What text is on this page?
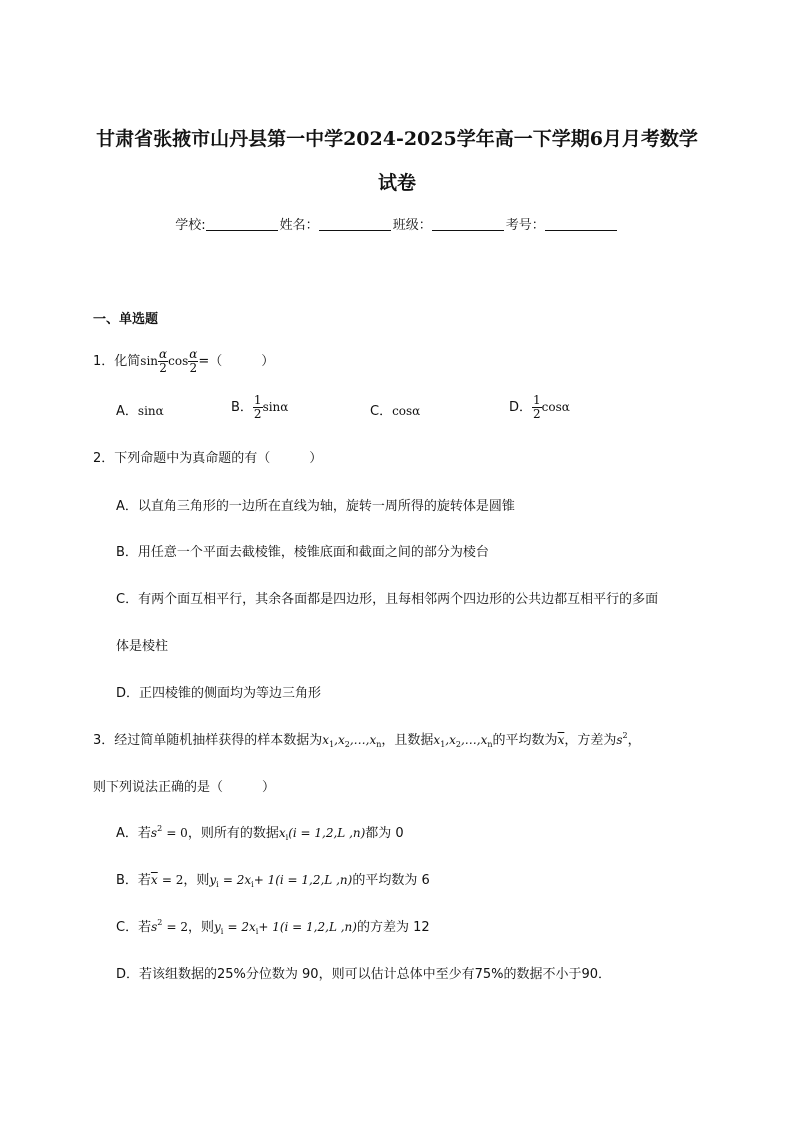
甘肃省张掖市山丹县第一中学2024-2025学年高一下学期6月月考数学
试卷
学校:	姓名：	班级：	考号：
一、单选题
1．化简$\sin \frac{\alpha}{2}$ $\cos \frac{\alpha}{2}$ =（　　　）
A．sinα	B． $\frac{1}{2}$ sinα	C．cosα	D． $\frac{1}{2}$ cosα
2．下列命题中为真命题的有（　　　）
A．以直角三角形的一边所在直线为轴，旋转一周所得的旋转体是圆锥
B．用任意一个平面去截棱锥，棱锥底面和截面之间的部分为棱台
C．有两个面互相平行，其余各面都是四边形，且每相邻两个四边形的公共边都互相平行的多面
体是棱柱
D．正四棱锥的侧面均为等边三角形
3．经过简单随机抽样获得的样本数据为$x_1,x_2,\dots,x_n$，且数据$x_1,x_2,\dots,x_n$的平均数为$\overline{x}$，方差为$s^2$，
则下列说法正确的是（　　　）
A．若$s^2 = 0$，则所有的数据$x_i(i = 1,2,L$ ,n)都为 0
B．若$\overline{x} = 2$，则$y_i = 2x_i+ 1(i = 1,2,L$ ,n)的平均数为 6
C．若$s^2 = 2$，则$y_i = 2x_i+ 1(i = 1,2,L$ ,n)的方差为 12
D．若该组数据的25%分位数为 90，则可以估计总体中至少有75%的数据不小于90．
